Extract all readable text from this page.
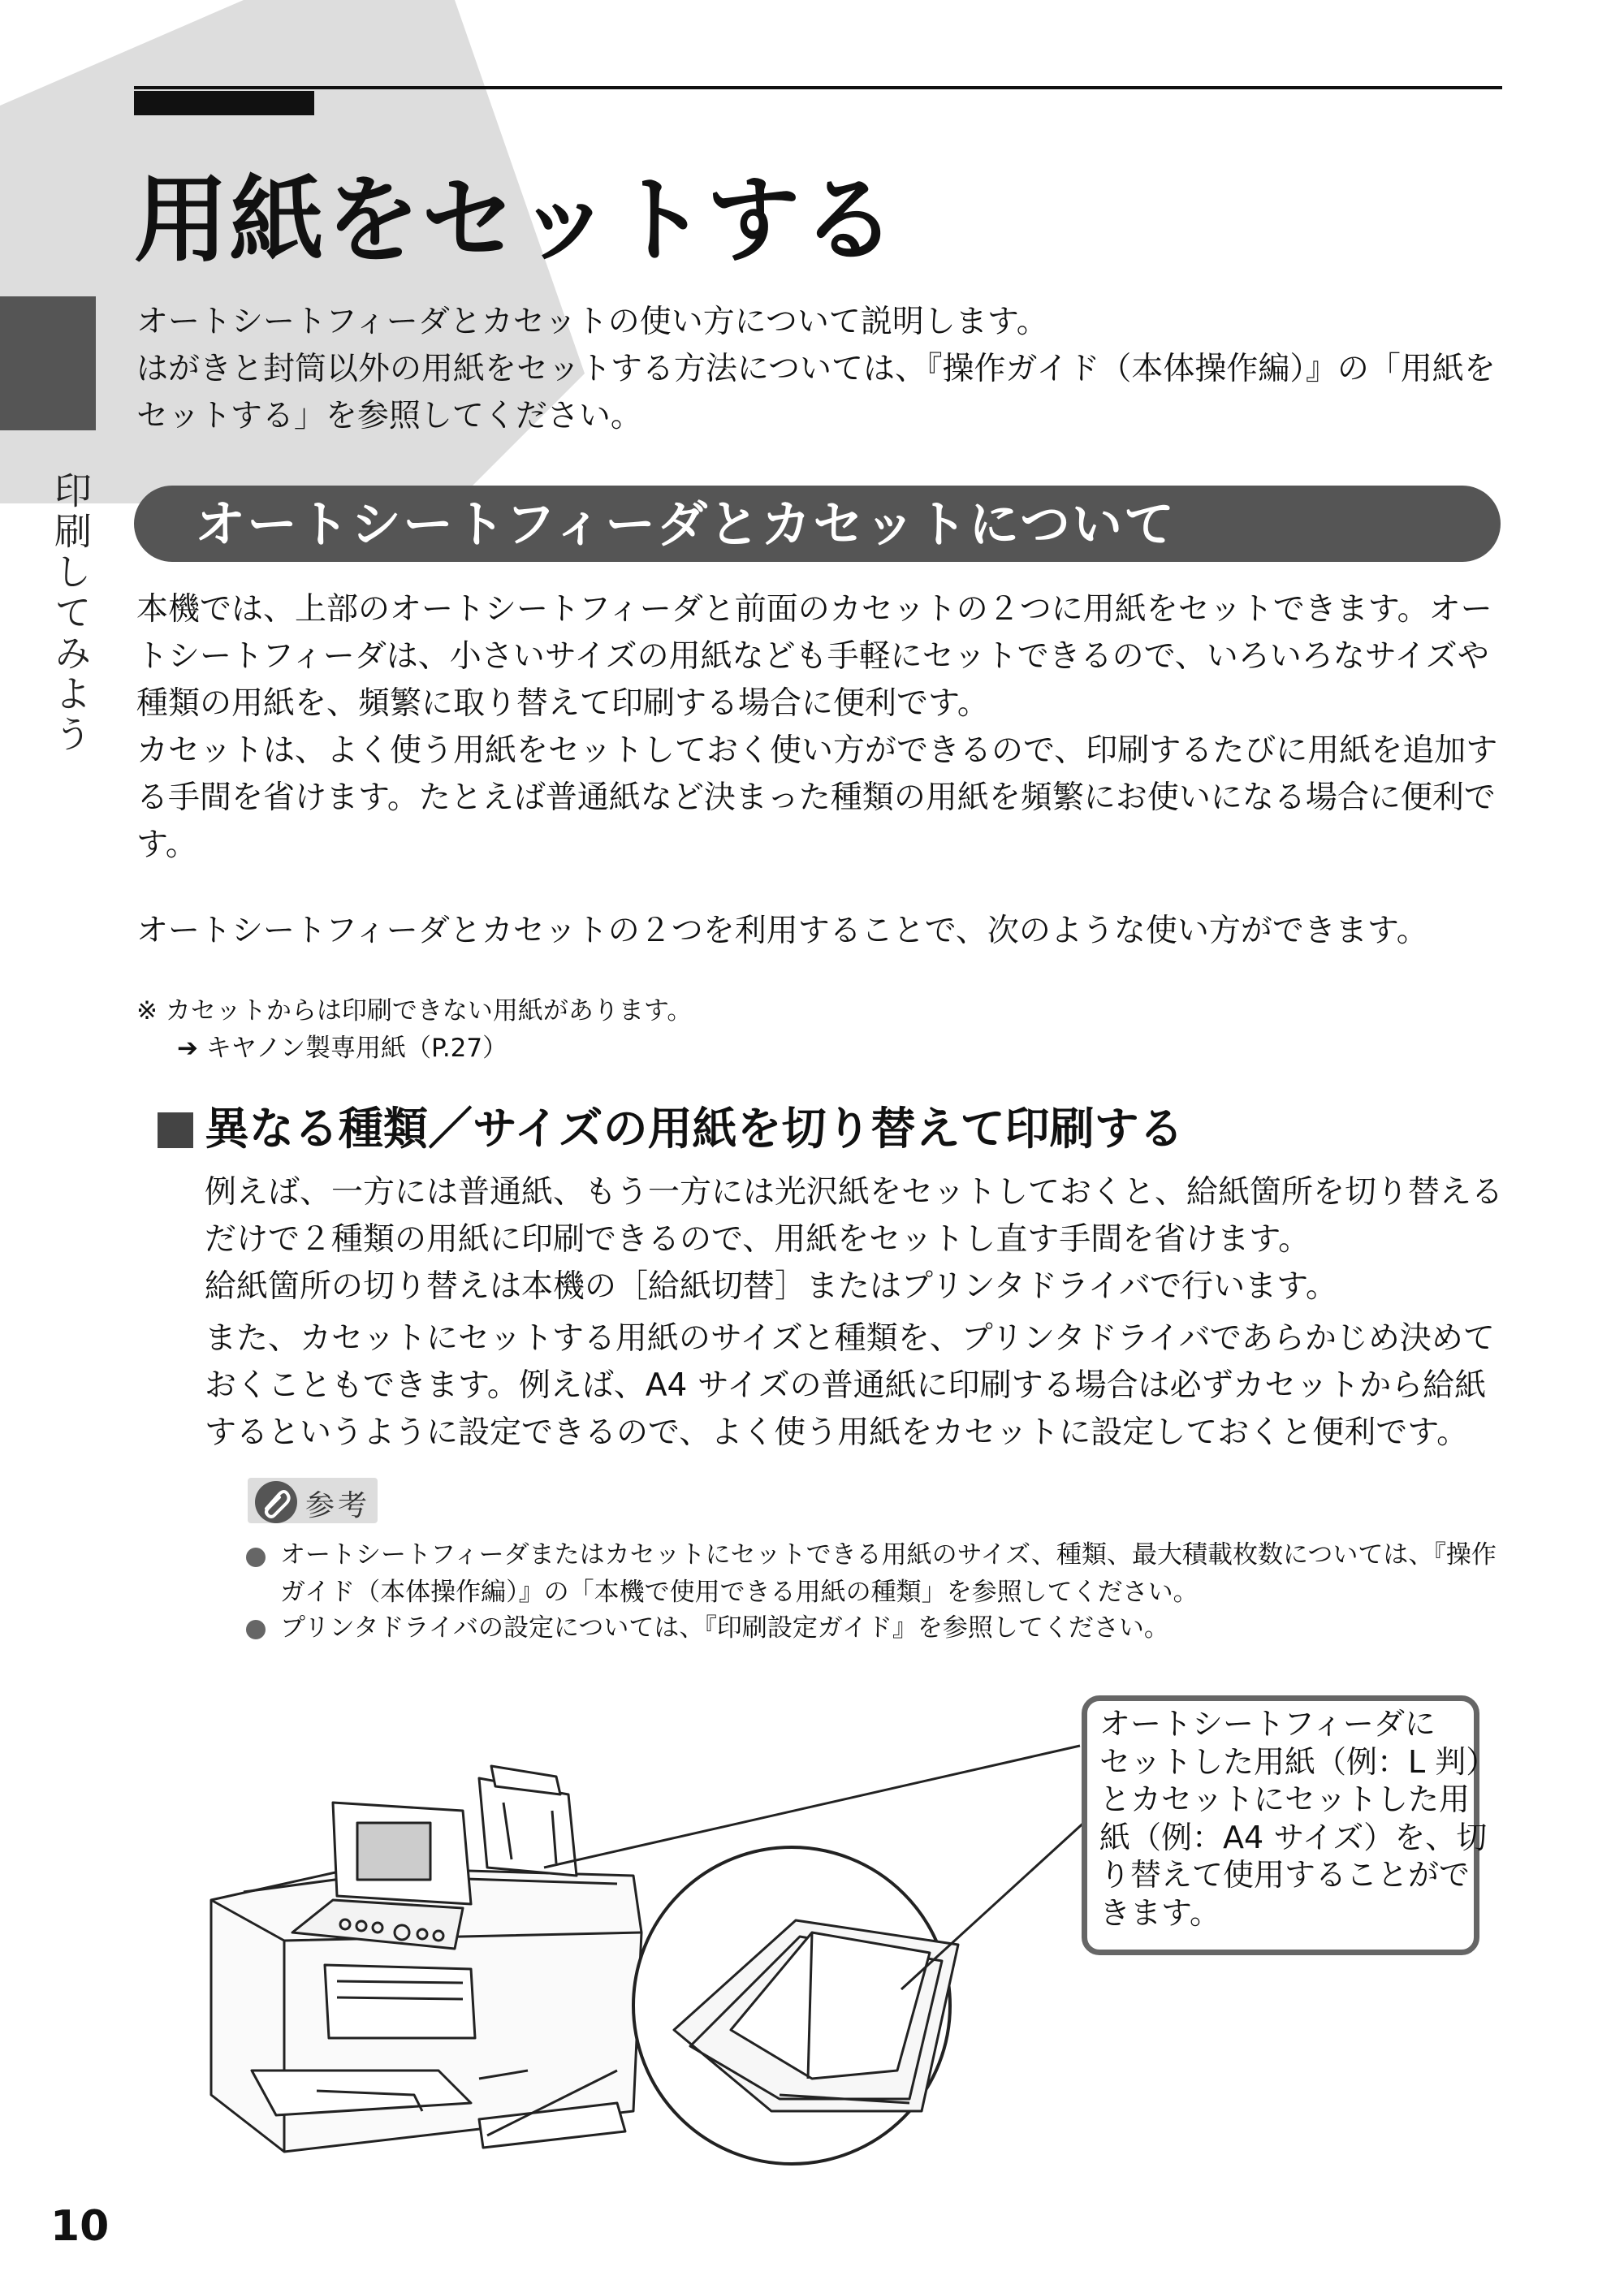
印刷してみよう
用紙をセットする
オートシートフィーダとカセットの使い方について説明します。
はがきと封筒以外の用紙をセットする方法については、『操作ガイド（本体操作編）』の「用紙を
セットする」を参照してください。
オートシートフィーダとカセットについて
本機では、上部のオートシートフィーダと前面のカセットの２つに用紙をセットできます。オー
トシートフィーダは、小さいサイズの用紙なども手軽にセットできるので、いろいろなサイズや
種類の用紙を、頻繁に取り替えて印刷する場合に便利です。
カセットは、よく使う用紙をセットしておく使い方ができるので、印刷するたびに用紙を追加す
る手間を省けます。たとえば普通紙など決まった種類の用紙を頻繁にお使いになる場合に便利で
す。
オートシートフィーダとカセットの２つを利用することで、次のような使い方ができます。
※ カセットからは印刷できない用紙があります。
➔ キヤノン製専用紙（P.27）
異なる種類／サイズの用紙を切り替えて印刷する
例えば、一方には普通紙、もう一方には光沢紙をセットしておくと、給紙箇所を切り替える
だけで２種類の用紙に印刷できるので、用紙をセットし直す手間を省けます。
給紙箇所の切り替えは本機の［給紙切替］またはプリンタドライバで行います。
また、カセットにセットする用紙のサイズと種類を、プリンタドライバであらかじめ決めて
おくこともできます。例えば、A4 サイズの普通紙に印刷する場合は必ずカセットから給紙
するというように設定できるので、よく使う用紙をカセットに設定しておくと便利です。
参考
オートシートフィーダまたはカセットにセットできる用紙のサイズ、種類、最大積載枚数については、『操作
ガイド（本体操作編）』の「本機で使用できる用紙の種類」を参照してください。
プリンタドライバの設定については、『印刷設定ガイド』を参照してください。
オートシートフィーダに
セットした用紙（例：L 判）
とカセットにセットした用
紙（例：A4 サイズ）を、切
り替えて使用することがで
きます。
10
